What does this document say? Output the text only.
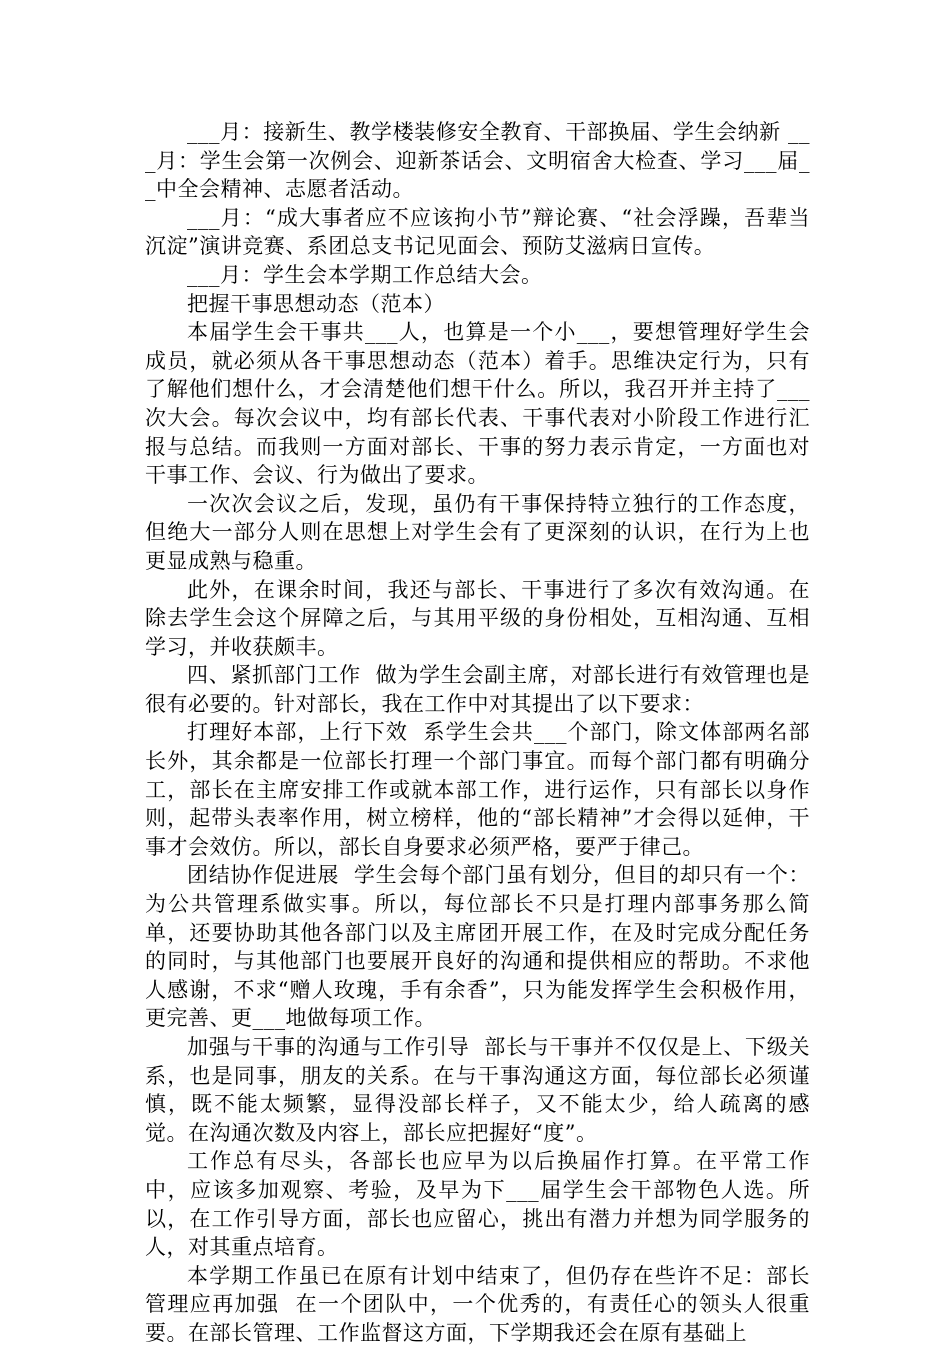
___月：接新生、教学楼装修安全教育、干部换届、学生会纳新 ___月：学生会第一次例会、迎新茶话会、文明宿舍大检查、学习___届__中全会精神、志愿者活动。

___月：“成大事者应不应该拘小节”辩论赛、“社会浮躁，吾辈当沉淀”演讲竞赛、系团总支书记见面会、预防艾滋病日宣传。

___月：学生会本学期工作总结大会。

把握干事思想动态（范本）

本届学生会干事共___人，也算是一个小___，要想管理好学生会成员，就必须从各干事思想动态（范本）着手。思维决定行为，只有了解他们想什么，才会清楚他们想干什么。所以，我召开并主持了___次大会。每次会议中，均有部长代表、干事代表对小阶段工作进行汇报与总结。而我则一方面对部长、干事的努力表示肯定，一方面也对干事工作、会议、行为做出了要求。

一次次会议之后，发现，虽仍有干事保持特立独行的工作态度，但绝大一部分人则在思想上对学生会有了更深刻的认识，在行为上也更显成熟与稳重。

此外，在课余时间，我还与部长、干事进行了多次有效沟通。在除去学生会这个屏障之后，与其用平级的身份相处，互相沟通、互相学习，并收获颇丰。

四、紧抓部门工作  做为学生会副主席，对部长进行有效管理也是很有必要的。针对部长，我在工作中对其提出了以下要求：

打理好本部，上行下效  系学生会共___个部门，除文体部两名部长外，其余都是一位部长打理一个部门事宜。而每个部门都有明确分工，部长在主席安排工作或就本部工作，进行运作，只有部长以身作则，起带头表率作用，树立榜样，他的“部长精神”才会得以延伸，干事才会效仿。所以，部长自身要求必须严格，要严于律己。

团结协作促进展  学生会每个部门虽有划分，但目的却只有一个：为公共管理系做实事。所以，每位部长不只是打理内部事务那么简单，还要协助其他各部门以及主席团开展工作，在及时完成分配任务的同时，与其他部门也要展开良好的沟通和提供相应的帮助。不求他人感谢，不求“赠人玫瑰，手有余香”，只为能发挥学生会积极作用，更完善、更___地做每项工作。

加强与干事的沟通与工作引导  部长与干事并不仅仅是上、下级关系，也是同事，朋友的关系。在与干事沟通这方面，每位部长必须谨慎，既不能太频繁，显得没部长样子，又不能太少，给人疏离的感觉。在沟通次数及内容上，部长应把握好“度”。

工作总有尽头，各部长也应早为以后换届作打算。在平常工作中，应该多加观察、考验，及早为下___届学生会干部物色人选。所以，在工作引导方面，部长也应留心，挑出有潜力并想为同学服务的人，对其重点培育。

本学期工作虽已在原有计划中结束了，但仍存在些许不足：部长管理应再加强  在一个团队中，一个优秀的，有责任心的领头人很重要。在部长管理、工作监督这方面，下学期我还会在原有基础上
